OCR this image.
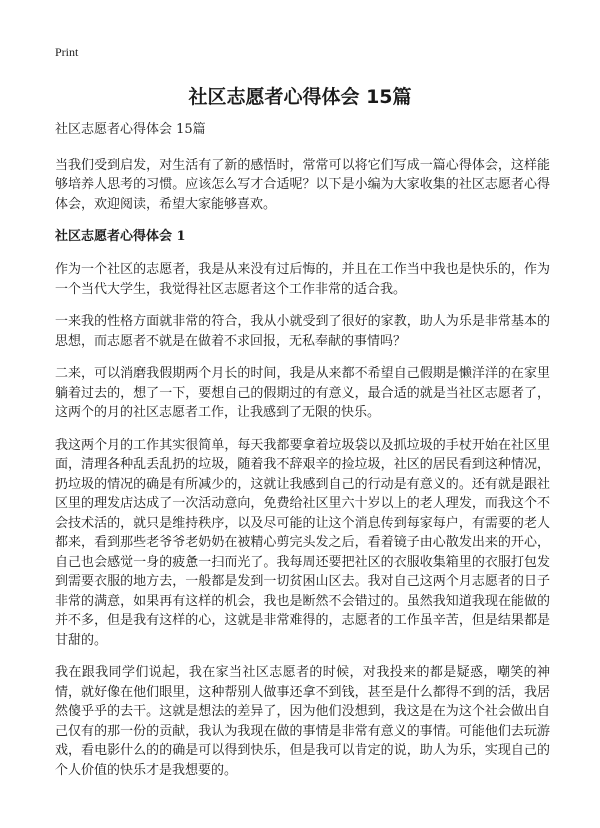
Print
社区志愿者心得体会 15篇

社区志愿者心得体会 15篇

当我们受到启发，对生活有了新的感悟时，常常可以将它们写成一篇心得体会，这样能够培养人思考的习惯。应该怎么写才合适呢？以下是小编为大家收集的社区志愿者心得体会，欢迎阅读，希望大家能够喜欢。

社区志愿者心得体会 1

作为一个社区的志愿者，我是从来没有过后悔的，并且在工作当中我也是快乐的，作为一个当代大学生，我觉得社区志愿者这个工作非常的适合我。

一来我的性格方面就非常的符合，我从小就受到了很好的家教，助人为乐是非常基本的思想，而志愿者不就是在做着不求回报，无私奉献的事情吗？

二来，可以消磨我假期两个月长的时间，我是从来都不希望自己假期是懒洋洋的在家里躺着过去的，想了一下，要想自己的假期过的有意义，最合适的就是当社区志愿者了，这两个的月的社区志愿者工作，让我感到了无限的快乐。

我这两个月的工作其实很简单，每天我都要拿着垃圾袋以及抓垃圾的手杖开始在社区里面，清理各种乱丢乱扔的垃圾，随着我不辞艰辛的捡垃圾，社区的居民看到这种情况，扔垃圾的情况的确是有所减少的，这就让我感到自己的行动是有意义的。还有就是跟社区里的理发店达成了一次活动意向，免费给社区里六十岁以上的老人理发，而我这个不会技术活的，就只是维持秩序，以及尽可能的让这个消息传到每家每户，有需要的老人都来，看到那些老爷爷老奶奶在被精心剪完头发之后，看着镜子由心散发出来的开心，自己也会感觉一身的疲惫一扫而光了。我每周还要把社区的衣服收集箱里的衣服打包发到需要衣服的地方去，一般都是发到一切贫困山区去。我对自己这两个月志愿者的日子非常的满意，如果再有这样的机会，我也是断然不会错过的。虽然我知道我现在能做的并不多，但是我有这样的心，这就是非常难得的，志愿者的工作虽辛苦，但是结果都是甘甜的。

我在跟我同学们说起，我在家当社区志愿者的时候，对我投来的都是疑惑，嘲笑的神情，就好像在他们眼里，这种帮别人做事还拿不到钱，甚至是什么都得不到的活，我居然傻乎乎的去干。这就是想法的差异了，因为他们没想到，我这是在为这个社会做出自己仅有的那一份的贡献，我认为我现在做的事情是非常有意义的事情。可能他们去玩游戏，看电影什么的的确是可以得到快乐，但是我可以肯定的说，助人为乐，实现自己的个人价值的快乐才是我想要的。
